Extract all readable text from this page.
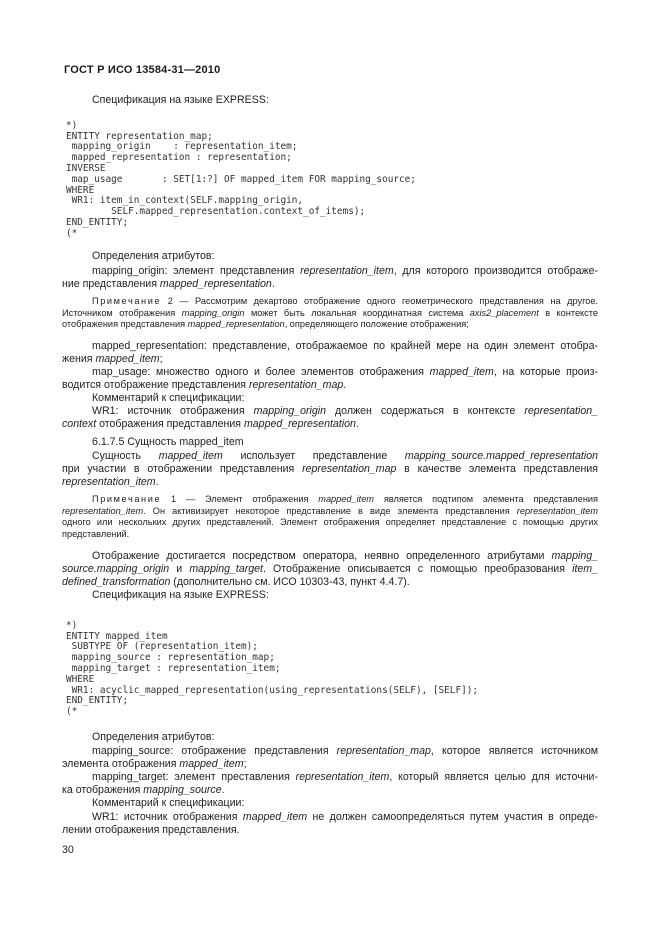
ГОСТ Р ИСО 13584-31—2010
Спецификация на языке EXPRESS:

*)
ENTITY representation_map;
mapping_origin    : representation_item;
mapped_representation : representation;
INVERSE
map_usage       : SET[1:?] OF mapped_item FOR mapping_source;
WHERE
WR1: item_in_context(SELF.mapping_origin,
SELF.mapped_representation.context_of_items);
END_ENTITY;
(*

Определения атрибутов:
mapping_origin: элемент представления representation_item, для которого производится отображе-
ние представления mapped_representation.
Примечание 2 — Рассмотрим декартово отображение одного геометрического представления на другое.
Источником отображения mapping_origin может быть локальная координатная система axis2_placement в контексте
отображения представления mapped_representation, определяющего положение отображения;
mapped_representation: представление, отображаемое по крайней мере на один элемент отобра-
жения mapped_item;
map_usage: множество одного и более элементов отображения mapped_item, на которые произ-
водится отображение представления representation_map.
Комментарий к спецификации:
WR1: источник отображения mapping_origin должен содержаться в контексте representation_
context отображения представления mapped_representation.
6.1.7.5 Сущность mapped_item
Сущность mapped_item использует представление mapping_source.mapped_representation
при участии в отображении представления representation_map в качестве элемента представления
representation_item.
Примечание 1 — Элемент отображения mapped_item является подтипом элемента представления
representation_item. Он активизирует некоторое представление в виде элемента представления representation_item
одного или нескольких других представлений. Элемент отображения определяет представление с помощью других
представлений.
Отображение достигается посредством оператора, неявно определенного атрибутами mapping_
source.mapping_origin и mapping_target. Отображение описывается с помощью преобразования item_
defined_transformation (дополнительно см. ИСО 10303-43, пункт 4.4.7).
Спецификация на языке EXPRESS:

*)
ENTITY mapped_item
SUBTYPE OF (representation_item);
mapping_source : representation_map;
mapping_target : representation_item;
WHERE
WR1: acyclic_mapped_representation(using_representations(SELF), [SELF]);
END_ENTITY;
(*

Определения атрибутов:
mapping_source: отображение представления representation_map, которое является источником
элемента отображения mapped_item;
mapping_target: элемент преставления representation_item, который является целью для источни-
ка отображения mapping_source.
Комментарий к спецификации:
WR1: источник отображения mapped_item не должен самоопределяться путем участия в опреде-
лении отображения представления.
30
